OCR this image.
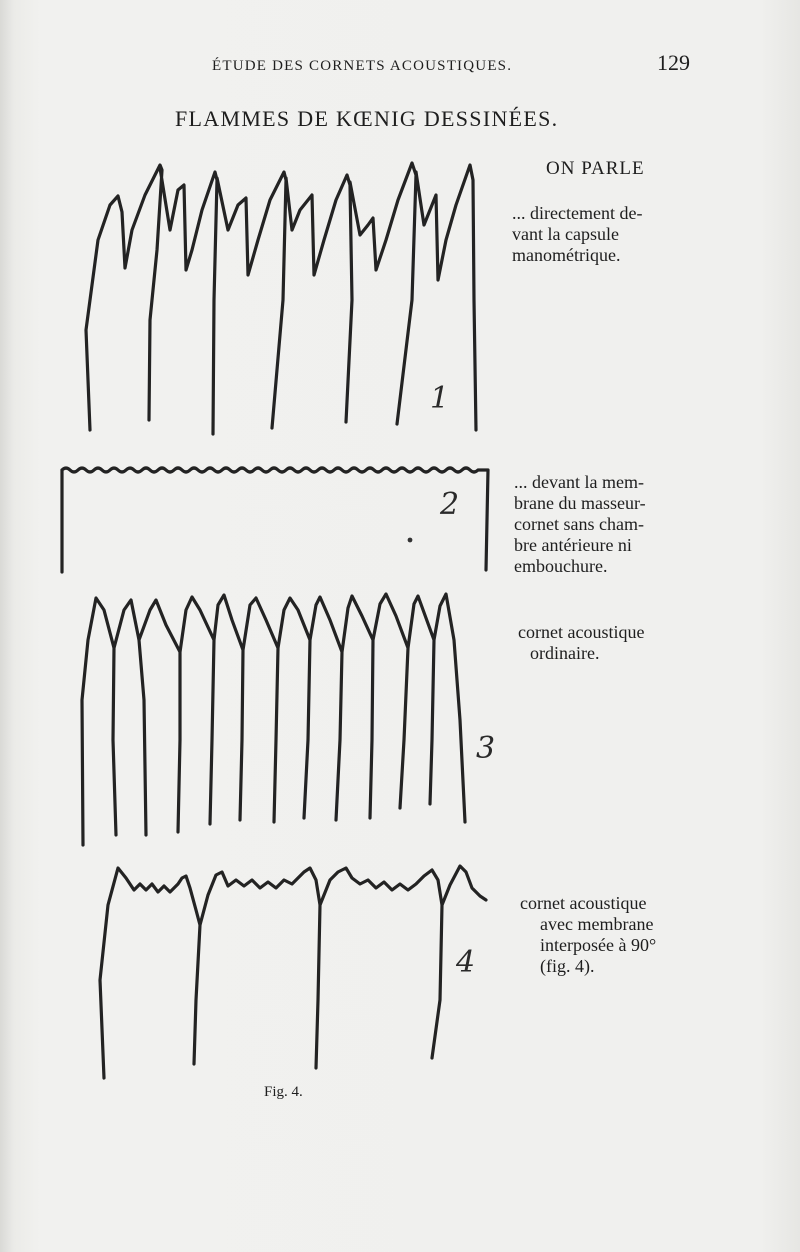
ÉTUDE DES CORNETS ACOUSTIQUES.	129
FLAMMES DE KŒNIG DESSINÉES.
ON PARLE
1
2
3
4
... directement de-
vant la capsule
manométrique.
... devant la mem-
brane du masseur-
cornet sans cham-
bre antérieure ni
embouchure.
cornet acoustique
ordinaire.
cornet acoustique
avec membrane
interposée à 90°
(fig. 4).
Fig. 4.
